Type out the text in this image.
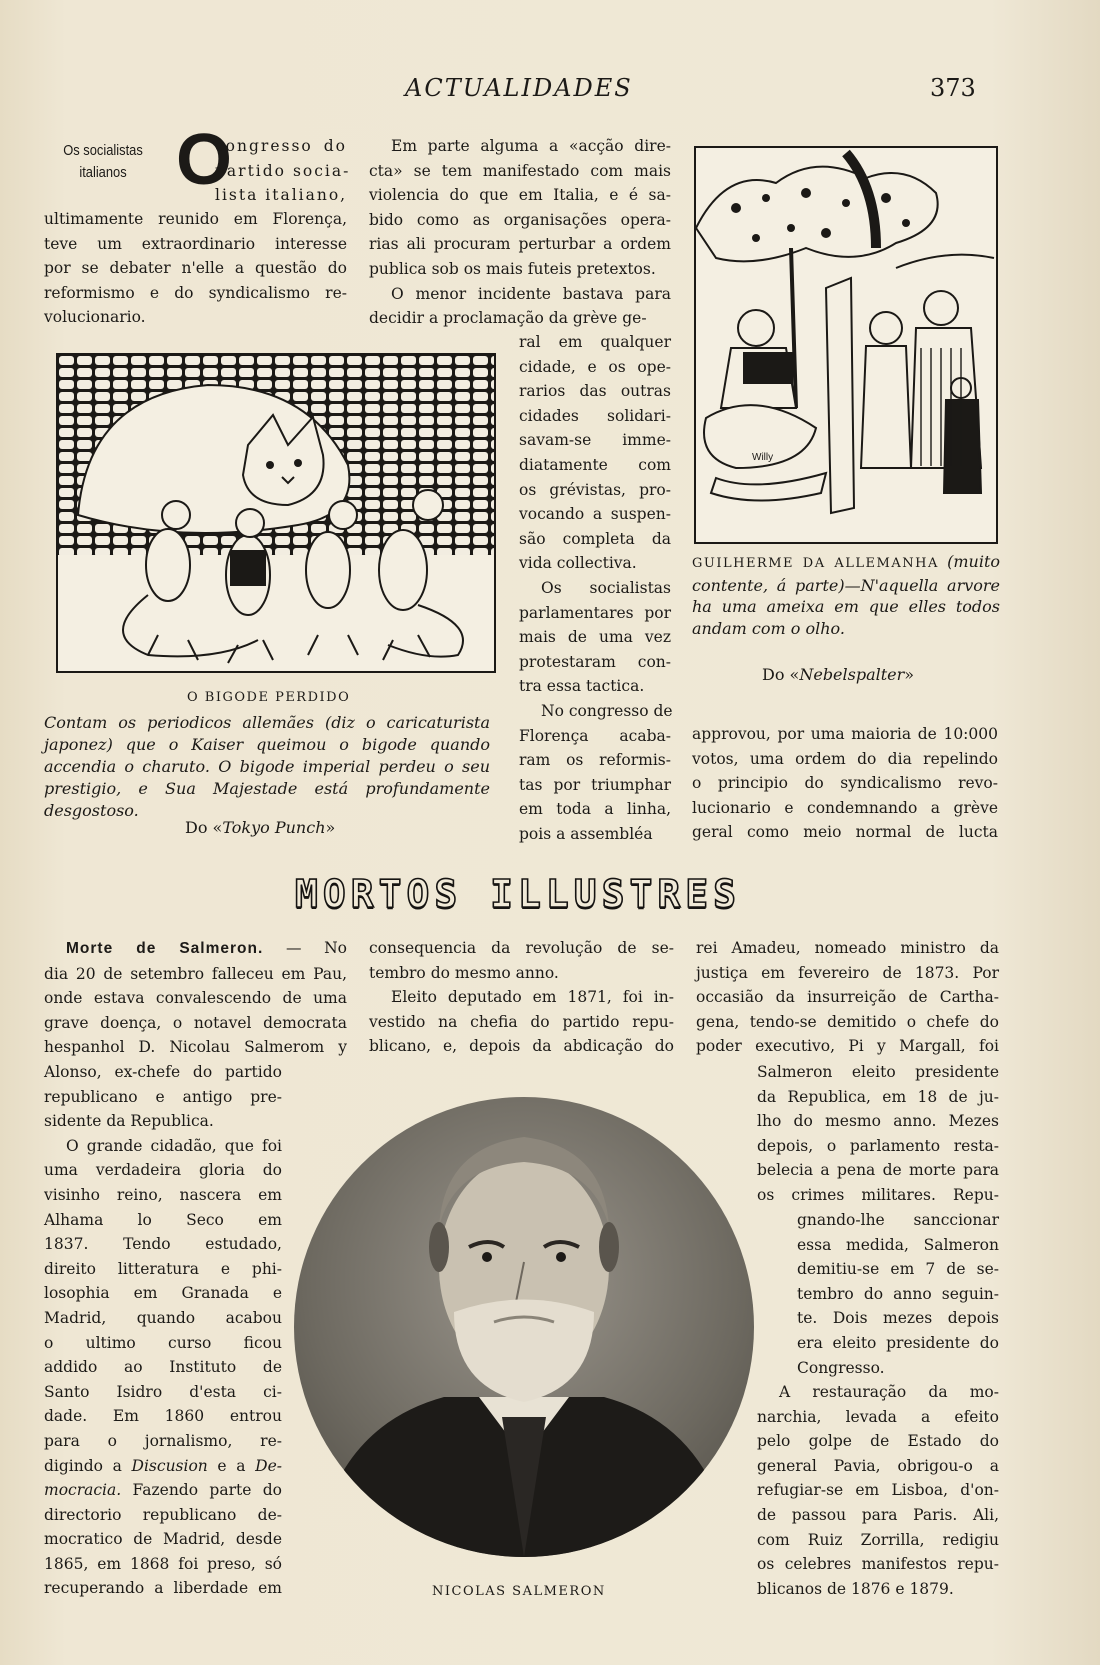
ACTUALIDADES	373
Os socialistas
italianos O
congresso do
partido socia-
lista italiano,
ultimamente reunido em Florença,
teve um extraordinario interesse
por se debater n'elle a questão do
reformismo e do syndicalismo re-
volucionario.
Em parte alguma a «acção dire-
cta» se tem manifestado com mais
violencia do que em Italia, e é sa-
bido como as organisações opera-
rias ali procuram perturbar a ordem
publica sob os mais futeis pretextos.
O menor incidente bastava para
decidir a proclamação da grève ge-
ral em qualquer
cidade, e os ope-
rarios das outras
cidades solidari-
savam-se imme-
diatamente com
os grévistas, pro-
vocando a suspen-
são completa da
vida collectiva.
Os socialistas
parlamentares por
mais de uma vez
protestaram con-
tra essa tactica.
No congresso de
Florença acaba-
ram os reformis-
tas por triumphar
em toda a linha,
pois a assembléa
approvou, por uma maioria de 10:000
votos, uma ordem do dia repelindo
o principio do syndicalismo revo-
lucionario e condemnando a grève
geral como meio normal de lucta
O BIGODE PERDIDO
Contam os periodicos allemães (diz o caricaturista japonez) que o Kaiser queimou o bigode quando accendia o charuto. O bigode imperial perdeu o seu prestigio, e Sua Majestade está profundamente desgostoso.
Do «Tokyo Punch»
Willy
GUILHERME DA ALLEMANHA (muito contente, á parte)—N'aquella arvore ha uma ameixa em que elles todos andam com o olho.
Do «Nebelspalter»
MORTOS ILLUSTRES
Morte de Salmeron. — No
dia 20 de setembro falleceu em Pau,
onde estava convalescendo de uma
grave doença, o notavel democrata
hespanhol D. Nicolau Salmerom y
Alonso, ex-chefe do partido
republicano e antigo pre-
sidente da Republica.
O grande cidadão, que foi
uma verdadeira gloria do
visinho reino, nascera em
Alhama lo Seco em
1837. Tendo estudado,
direito litteratura e phi-
losophia em Granada e
Madrid, quando acabou
o ultimo curso ficou
addido ao Instituto de
Santo Isidro d'esta ci-
dade. Em 1860 entrou
para o jornalismo, re-
digindo a Discusion e a De-
mocracia. Fazendo parte do
directorio republicano de-
mocratico de Madrid, desde
1865, em 1868 foi preso, só
recuperando a liberdade em
consequencia da revolução de se-
tembro do mesmo anno.
Eleito deputado em 1871, foi in-
vestido na chefia do partido repu-
blicano, e, depois da abdicação do
rei Amadeu, nomeado ministro da
justiça em fevereiro de 1873. Por
occasião da insurreição de Cartha-
gena, tendo-se demitido o chefe do
poder executivo, Pi y Margall, foi
Salmeron eleito presidente
da Republica, em 18 de ju-
lho do mesmo anno. Mezes
depois, o parlamento resta-
belecia a pena de morte para
os crimes militares. Repu-
gnando-lhe sanccionar
essa medida, Salmeron
demitiu-se em 7 de se-
tembro do anno seguin-
te. Dois mezes depois
era eleito presidente do
Congresso.
A restauração da mo-
narchia, levada a efeito
pelo golpe de Estado do
general Pavia, obrigou-o a
refugiar-se em Lisboa, d'on-
de passou para Paris. Ali,
com Ruiz Zorrilla, redigiu
os celebres manifestos repu-
blicanos de 1876 e 1879.
NICOLAS SALMERON
